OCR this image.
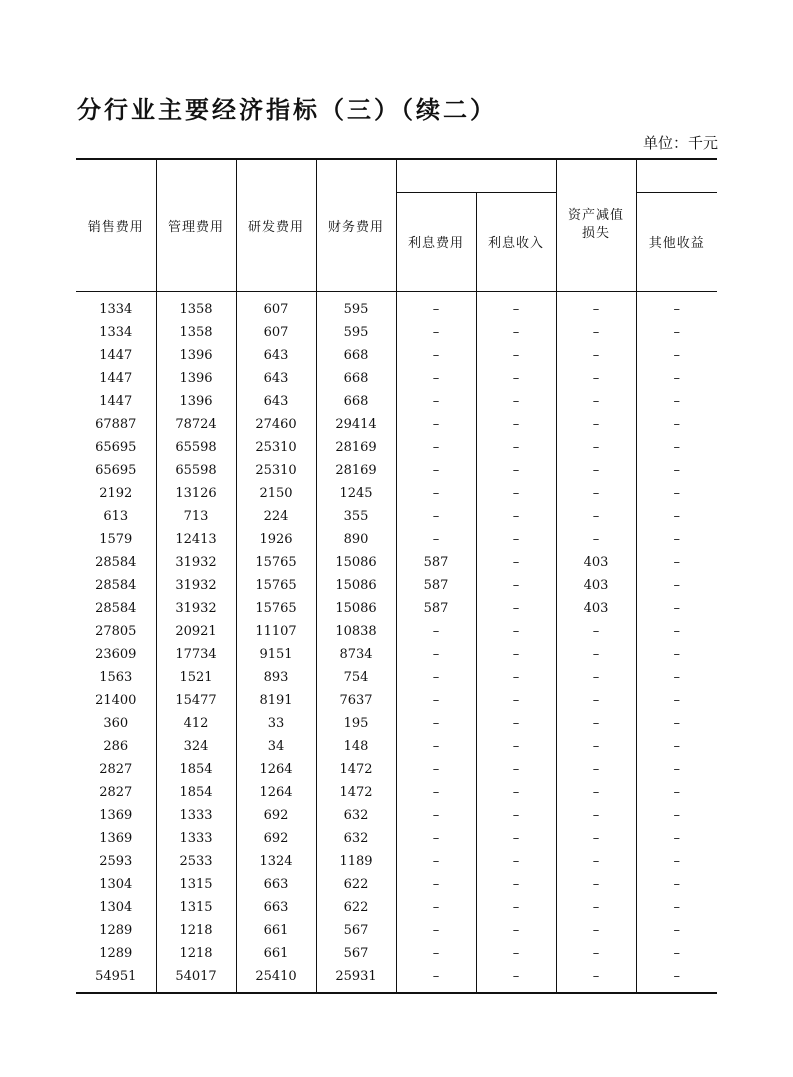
分行业主要经济指标（三）（续二）
单位：千元
销售费用	管理费用	研发费用	财务费用			资产减值
损失	
				利息费用	利息收入		其他收益
1334	1358	607	595	–	–	–	–
1334	1358	607	595	–	–	–	–
1447	1396	643	668	–	–	–	–
1447	1396	643	668	–	–	–	–
1447	1396	643	668	–	–	–	–
67887	78724	27460	29414	–	–	–	–
65695	65598	25310	28169	–	–	–	–
65695	65598	25310	28169	–	–	–	–
2192	13126	2150	1245	–	–	–	–
613	713	224	355	–	–	–	–
1579	12413	1926	890	–	–	–	–
28584	31932	15765	15086	587	–	403	–
28584	31932	15765	15086	587	–	403	–
28584	31932	15765	15086	587	–	403	–
27805	20921	11107	10838	–	–	–	–
23609	17734	9151	8734	–	–	–	–
1563	1521	893	754	–	–	–	–
21400	15477	8191	7637	–	–	–	–
360	412	33	195	–	–	–	–
286	324	34	148	–	–	–	–
2827	1854	1264	1472	–	–	–	–
2827	1854	1264	1472	–	–	–	–
1369	1333	692	632	–	–	–	–
1369	1333	692	632	–	–	–	–
2593	2533	1324	1189	–	–	–	–
1304	1315	663	622	–	–	–	–
1304	1315	663	622	–	–	–	–
1289	1218	661	567	–	–	–	–
1289	1218	661	567	–	–	–	–
54951	54017	25410	25931	–	–	–	–
